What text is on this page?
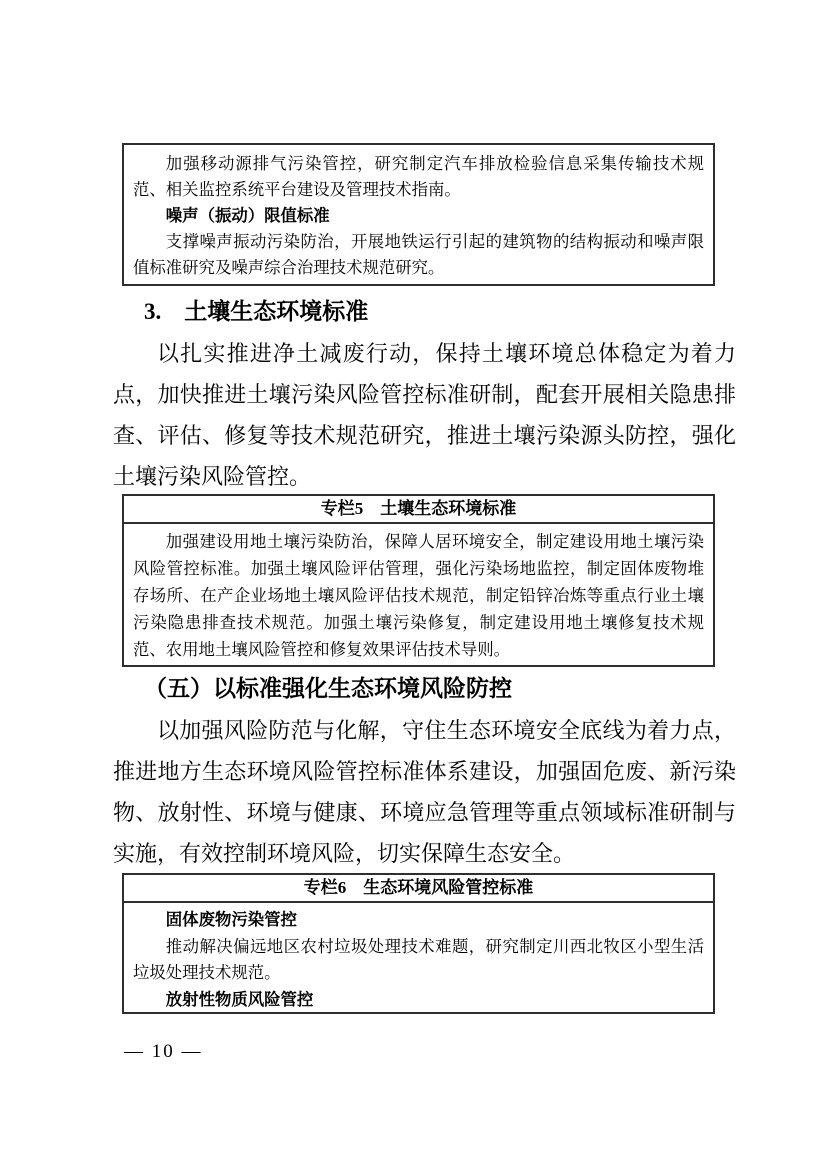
加强移动源排气污染管控，研究制定汽车排放检验信息采集传输技术规范、相关监控系统平台建设及管理技术指南。

噪声（振动）限值标准

支撑噪声振动污染防治，开展地铁运行引起的建筑物的结构振动和噪声限值标准研究及噪声综合治理技术规范研究。

3.　土壤生态环境标准

以扎实推进净土减废行动，保持土壤环境总体稳定为着力点，加快推进土壤污染风险管控标准研制，配套开展相关隐患排查、评估、修复等技术规范研究，推进土壤污染源头防控，强化土壤污染风险管控。

专栏5　土壤生态环境标准

加强建设用地土壤污染防治，保障人居环境安全，制定建设用地土壤污染风险管控标准。加强土壤风险评估管理，强化污染场地监控，制定固体废物堆存场所、在产企业场地土壤风险评估技术规范，制定铅锌冶炼等重点行业土壤污染隐患排查技术规范。加强土壤污染修复，制定建设用地土壤修复技术规范、农用地土壤风险管控和修复效果评估技术导则。

（五）以标准强化生态环境风险防控

以加强风险防范与化解，守住生态环境安全底线为着力点，推进地方生态环境风险管控标准体系建设，加强固危废、新污染物、放射性、环境与健康、环境应急管理等重点领域标准研制与实施，有效控制环境风险，切实保障生态安全。

专栏6　生态环境风险管控标准

固体废物污染管控

推动解决偏远地区农村垃圾处理技术难题，研究制定川西北牧区小型生活垃圾处理技术规范。

放射性物质风险管控

— 10 —
